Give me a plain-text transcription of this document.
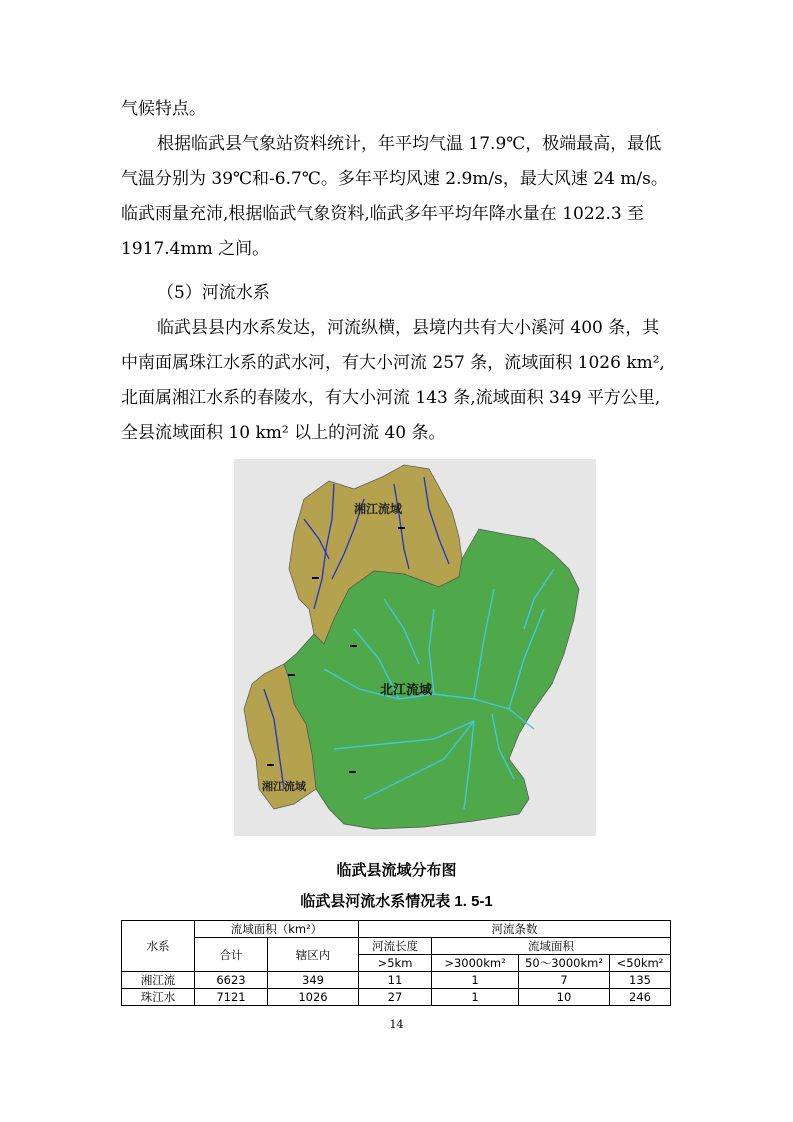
气候特点。

根据临武县气象站资料统计，年平均气温 17.9℃，极端最高，最低气温分别为 39℃和-6.7℃。多年平均风速 2.9m/s，最大风速 24 m/s。临武雨量充沛,根据临武气象资料,临武多年平均年降水量在 1022.3 至 1917.4mm 之间。

（5）河流水系

临武县县内水系发达，河流纵横，县境内共有大小溪河 400 条，其中南面属珠江水系的武水河，有大小河流 257 条，流域面积 1026 km²,北面属湘江水系的春陵水，有大小河流 143 条,流域面积 349 平方公里,全县流域面积 10 km² 以上的河流 40 条。

湘江流域
北江流域
湘江流域
临武县流域分布图
临武县河流水系情况表 1. 5-1
水系	流域面积（km²）		河流条数			
	合计	辖区内	河流长度	流域面积		
			>5km	>3000km²	50～3000km²	<50km²
湘江流	6623	349	11	1	7	135
珠江水	7121	1026	27	1	10	246
14
